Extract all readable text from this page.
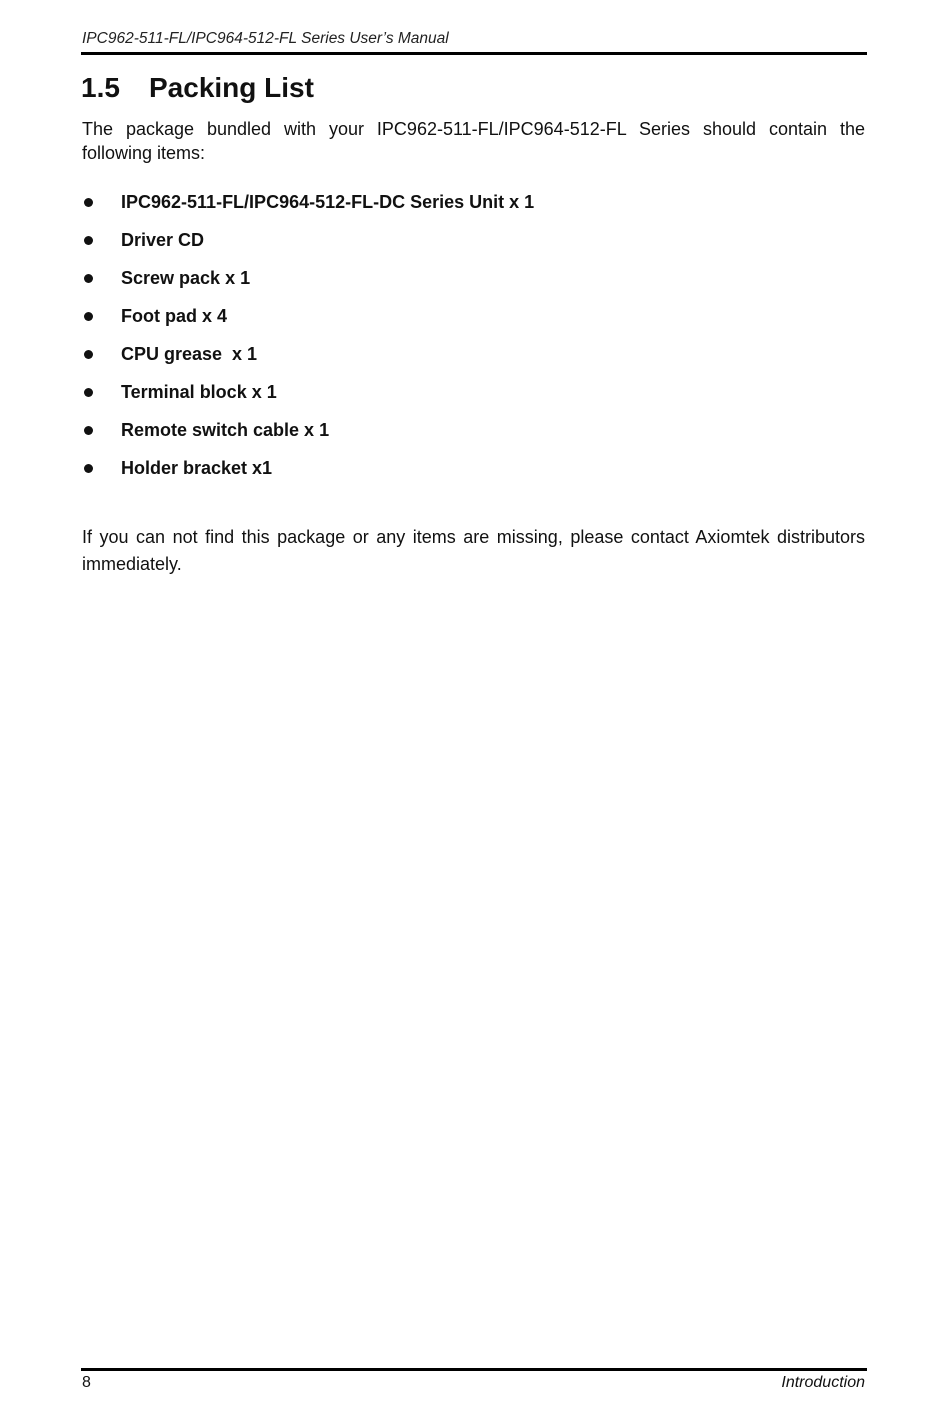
IPC962-511-FL/IPC964-512-FL Series User’s Manual
1.5 Packing List
The package bundled with your IPC962-511-FL/IPC964-512-FL Series should contain the following items:
IPC962-511-FL/IPC964-512-FL-DC Series Unit x 1
Driver CD
Screw pack x 1
Foot pad x 4
CPU grease  x 1
Terminal block x 1
Remote switch cable x 1
Holder bracket x1
If you can not find this package or any items are missing, please contact Axiomtek distributors immediately.
8	Introduction
